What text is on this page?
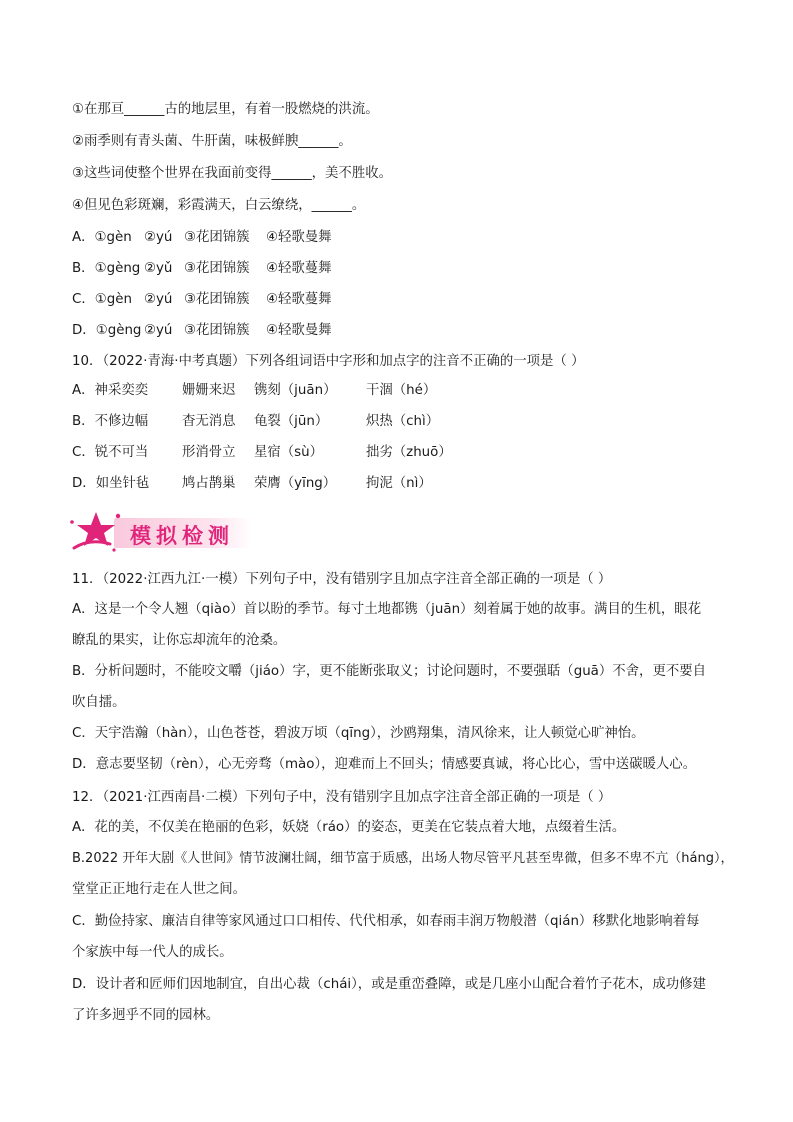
①在那亘______古的地层里，有着一股燃烧的洪流。
②雨季则有青头菌、牛肝菌，味极鲜腴______。
③这些词使整个世界在我面前变得______，美不胜收。
④但见色彩斑斓，彩霞满天，白云缭绕，______。
A．①gèn ②yú ③花团锦簇 ④轻歌曼舞
B．①gèng ②yǔ ③花团锦簇 ④轻歌蔓舞
C．①gèn ②yú ③花团锦簇 ④轻歌蔓舞
D．①gèng ②yú ③花团锦簇 ④轻歌曼舞
10．（2022·青海·中考真题）下列各组词语中字形和加点字的注音不正确的一项是（ ）
A．神采奕奕	姗姗来迟 镌刻（juān） 干涸（hé）
B．不修边幅	杳无消息 龟裂（jūn）	炽热（chì）
C．锐不可当	形消骨立 星宿（sù）	拙劣（zhuō）
D．如坐针毡 鸠占鹊巢 荣膺（yīng） 拘泥（nì）
模拟检测
11．（2022·江西九江·一模）下列句子中，没有错别字且加点字注音全部正确的一项是（ ）
A．这是一个令人翘（qiào）首以盼的季节。每寸土地都镌（juān）刻着属于她的故事。满目的生机，眼花
瞭乱的果实，让你忘却流年的沧桑。
B．分析问题时，不能咬文嚼（jiáo）字，更不能断张取义；讨论问题时，不要强聒（guā）不舍，更不要自
吹自擂。
C．天宇浩瀚（hàn），山色苍苍，碧波万顷（qīng），沙鸥翔集，清风徐来，让人顿觉心旷神怡。
D．意志要坚韧（rèn），心无旁骛（mào），迎难而上不回头；情感要真诚，将心比心，雪中送碳暖人心。
12．（2021·江西南昌·二模）下列句子中，没有错别字且加点字注音全部正确的一项是（ ）
A．花的美，不仅美在艳丽的色彩，妖娆（ráo）的姿态，更美在它装点着大地，点缀着生活。
B.2022 开年大剧《人世间》情节波澜壮阔，细节富于质感，出场人物尽管平凡甚至卑微，但多不卑不亢（háng），
堂堂正正地行走在人世之间。
C．勤俭持家、廉洁自律等家风通过口口相传、代代相承，如春雨丰润万物般潜（qián）移默化地影响着每
个家族中每一代人的成长。
D．设计者和匠师们因地制宜，自出心裁（chái），或是重峦叠障，或是几座小山配合着竹子花木，成功修建
了许多迥乎不同的园林。
